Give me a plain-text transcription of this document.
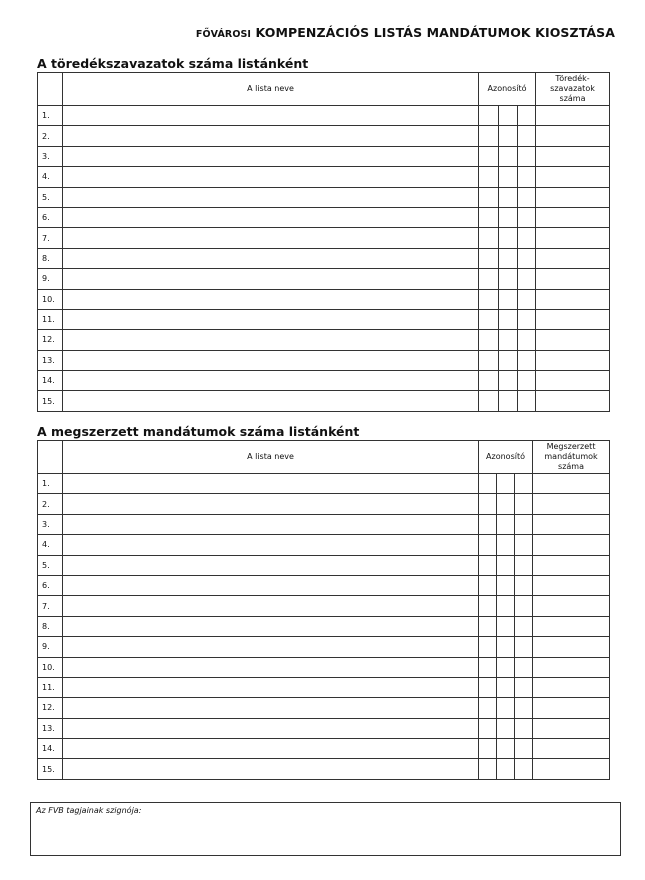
FŐVÁROSI KOMPENZÁCIÓS LISTÁS MANDÁTUMOK KIOSZTÁSA
A töredékszavazatok száma listánként
	A lista neve	Azonosító			Töredék-
szavazatok
száma

1.					
2.					
3.					
4.					
5.					
6.					
7.					
8.					
9.					
10.					
11.					
12.					
13.					
14.					
15.					
A megszerzett mandátumok száma listánként
	A lista neve	Azonosító			Megszerzett
mandátumok
száma

1.					
2.					
3.					
4.					
5.					
6.					
7.					
8.					
9.					
10.					
11.					
12.					
13.					
14.					
15.					
Az FVB tagjainak szignója:
